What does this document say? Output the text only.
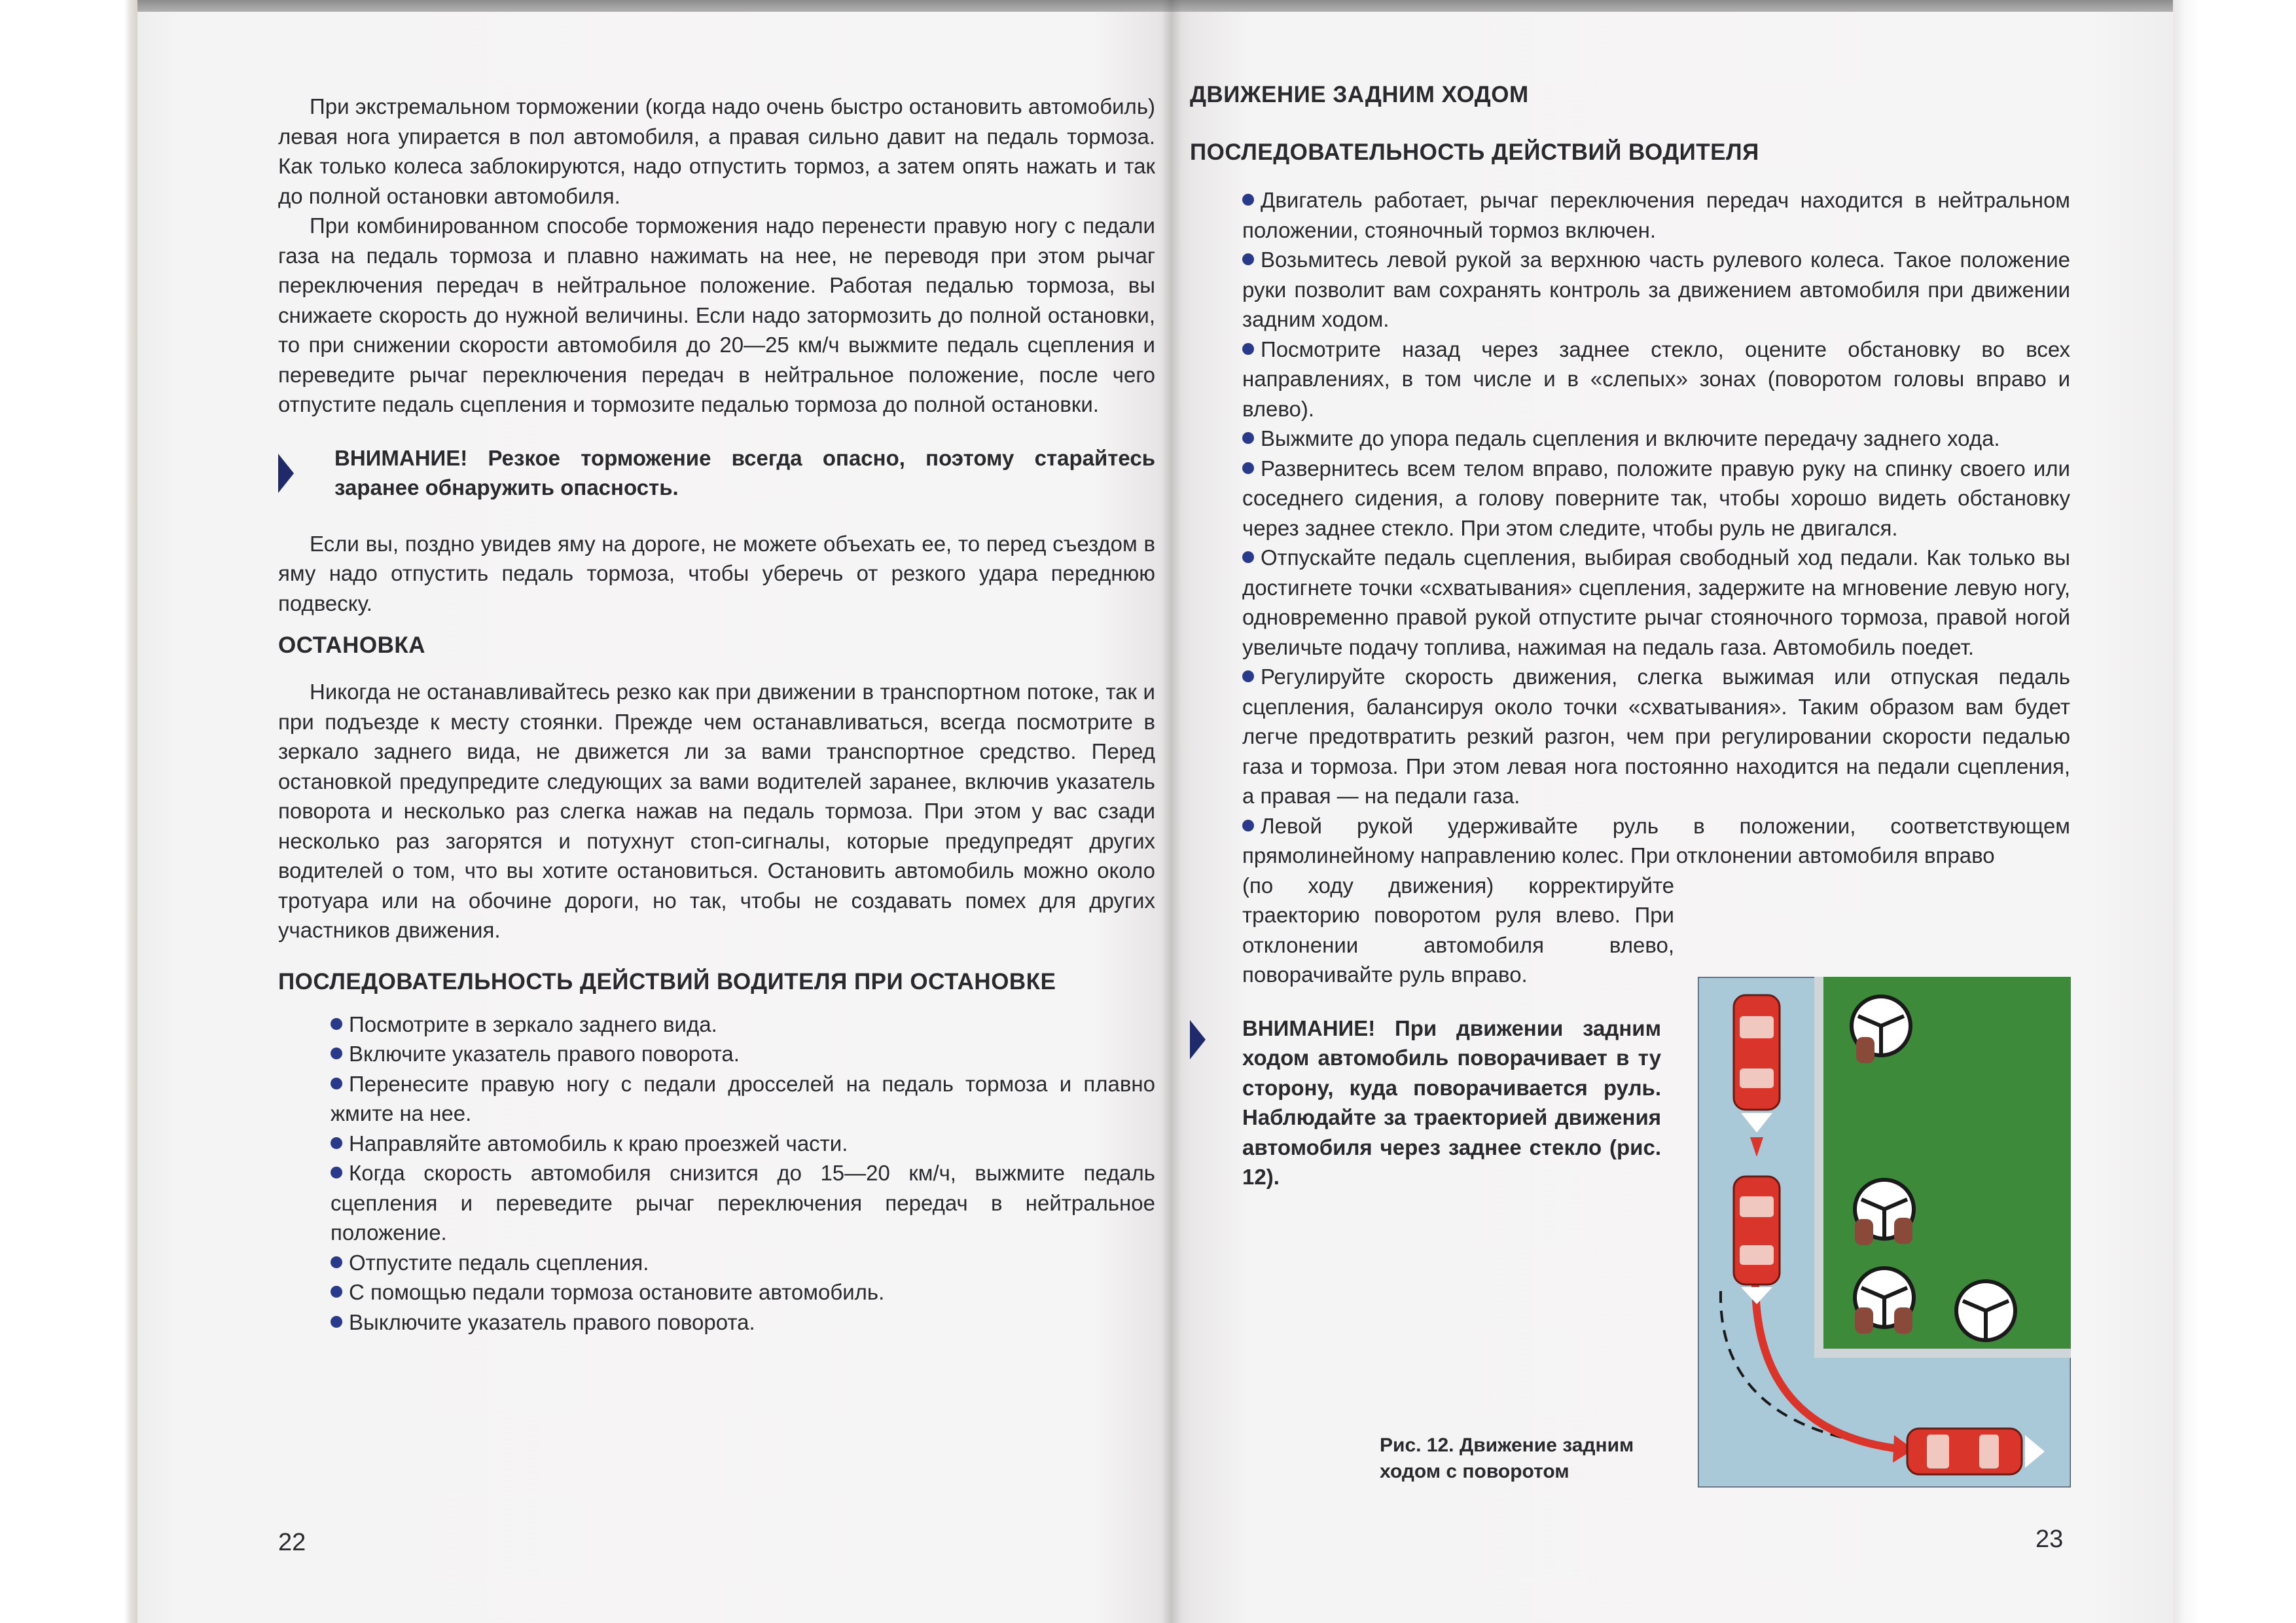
При экстремальном торможении (когда надо очень быстро остановить автомобиль) левая нога упирается в пол автомобиля, а правая сильно давит на педаль тормоза. Как только колеса заблокируются, надо отпустить тормоз, а затем опять нажать и так до полной остановки автомобиля.

При комбинированном способе торможения надо перенести правую ногу с педали газа на педаль тормоза и плавно нажимать на нее, не переводя при этом рычаг переключения передач в нейтральное положение. Работая педалью тормоза, вы снижаете скорость до нужной величины. Если надо затормозить до полной остановки, то при снижении скорости автомобиля до 20—25 км/ч выжмите педаль сцепления и переведите рычаг переключения передач в нейтральное положение, после чего отпустите педаль сцепления и тормозите педалью тормоза до полной остановки.

ВНИМАНИЕ! Резкое торможение всегда опасно, поэтому старайтесь заранее обнаружить опасность.

Если вы, поздно увидев яму на дороге, не можете объехать ее, то перед съездом в яму надо отпустить педаль тормоза, чтобы уберечь от резкого удара переднюю подвеску.

ОСТАНОВКА

Никогда не останавливайтесь резко как при движении в транспортном потоке, так и при подъезде к месту стоянки. Прежде чем останавливаться, всегда посмотрите в зеркало заднего вида, не движется ли за вами транспортное средство. Перед остановкой предупредите следующих за вами водителей заранее, включив указатель поворота и несколько раз слегка нажав на педаль тормоза. При этом у вас сзади несколько раз загорятся и потухнут стоп-сигналы, которые предупредят других водителей о том, что вы хотите остановиться. Остановить автомобиль можно около тротуара или на обочине дороги, но так, чтобы не создавать помех для других участников движения.

ПОСЛЕДОВАТЕЛЬНОСТЬ ДЕЙСТВИЙ ВОДИТЕЛЯ ПРИ ОСТАНОВКЕ
Посмотрите в зеркало заднего вида.
Включите указатель правого поворота.
Перенесите правую ногу с педали дросселей на педаль тормоза и плавно жмите на нее.
Направляйте автомобиль к краю проезжей части.
Когда скорость автомобиля снизится до 15—20 км/ч, выжмите педаль сцепления и переведите рычаг переключения передач в нейтральное положение.
Отпустите педаль сцепления.
С помощью педали тормоза остановите автомобиль.
Выключите указатель правого поворота.
22
ДВИЖЕНИЕ ЗАДНИМ ХОДОМ
ПОСЛЕДОВАТЕЛЬНОСТЬ ДЕЙСТВИЙ ВОДИТЕЛЯ
Двигатель работает, рычаг переключения передач находится в нейтральном положении, стояночный тормоз включен.
Возьмитесь левой рукой за верхнюю часть рулевого колеса. Такое положение руки позволит вам сохранять контроль за движением автомобиля при движении задним ходом.
Посмотрите назад через заднее стекло, оцените обстановку во всех направлениях, в том числе и в «слепых» зонах (поворотом головы вправо и влево).
Выжмите до упора педаль сцепления и включите передачу заднего хода.
Развернитесь всем телом вправо, положите правую руку на спинку своего или соседнего сидения, а голову поверните так, чтобы хорошо видеть обстановку через заднее стекло. При этом следите, чтобы руль не двигался.
Отпускайте педаль сцепления, выбирая свободный ход педали. Как только вы достигнете точки «схватывания» сцепления, задержите на мгновение левую ногу, одновременно правой рукой отпустите рычаг стояночного тормоза, правой ногой увеличьте подачу топлива, нажимая на педаль газа. Автомобиль поедет.
Регулируйте скорость движения, слегка выжимая или отпуская педаль сцепления, балансируя около точки «схватывания». Таким образом вам будет легче предотвратить резкий разгон, чем при регулировании скорости педалью газа и тормоза. При этом левая нога постоянно находится на педали сцепления, а правая — на педали газа.
Левой рукой удерживайте руль в положении, соответствующем прямолинейному направлению колес. При отклонении автомобиля вправо
(по ходу движения) корректируйте траекторию поворотом руля влево. При отклонении автомобиля влево, поворачивайте руль вправо.
ВНИМАНИЕ! При движении задним ходом автомобиль поворачивает в ту сторону, куда поворачивается руль. Наблюдайте за траекторией движения автомобиля через заднее стекло (рис. 12).
Рис. 12. Движение задним ходом с поворотом
23
